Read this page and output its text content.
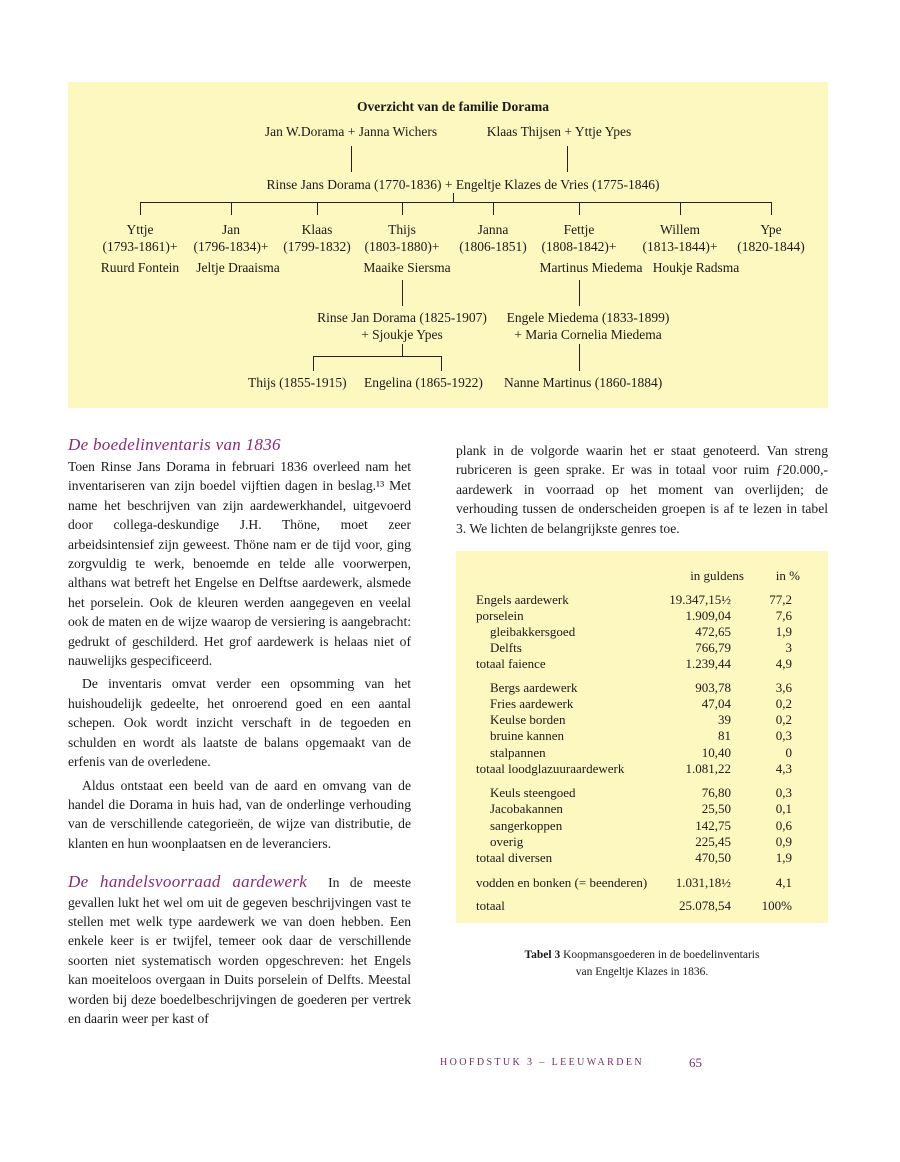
Overzicht van de familie Dorama
Jan W.Dorama + Janna Wichers	Klaas Thijsen + Yttje Ypes
Rinse Jans Dorama (1770-1836) + Engeltje Klazes de Vries (1775-1846)
Yttje	Jan	Klaas	Thijs	Janna	Fettje	Willem	Ype
(1793-1861)+ (1796-1834)+ (1799-1832) (1803-1880)+ (1806-1851) (1808-1842)+ (1813-1844)+ (1820-1844)
Ruurd Fontein Jeltje Draaisma	Maaike Siersma	Martinus Miedema Houkje Radsma
Rinse Jan Dorama (1825-1907)
+ Sjoukje Ypes
Engele Miedema (1833-1899)
+ Maria Cornelia Miedema
Thijs (1855-1915) Engelina (1865-1922) Nanne Martinus (1860-1884)
De boedelinventaris van 1836

Toen Rinse Jans Dorama in februari 1836 overleed nam het inventariseren van zijn boedel vijftien dagen in beslag.¹³ Met name het beschrijven van zijn aardewerkhandel, uitgevoerd door collega-deskundige J.H. Thöne, moet zeer arbeidsintensief zijn geweest. Thöne nam er de tijd voor, ging zorgvuldig te werk, benoemde en telde alle voorwerpen, althans wat betreft het Engelse en Delftse aardewerk, alsmede het porselein. Ook de kleuren werden aangegeven en veelal ook de maten en de wijze waarop de versiering is aangebracht: gedrukt of geschilderd. Het grof aardewerk is helaas niet of nauwelijks gespecificeerd.

De inventaris omvat verder een opsomming van het huishoudelijk gedeelte, het onroerend goed en een aantal schepen. Ook wordt inzicht verschaft in de tegoeden en schulden en wordt als laatste de balans opgemaakt van de erfenis van de overledene.

Aldus ontstaat een beeld van de aard en omvang van de handel die Dorama in huis had, van de onderlinge verhouding van de verschillende categorieën, de wijze van distributie, de klanten en hun woonplaatsen en de leveranciers.

De handelsvoorraad aardewerk In de meeste gevallen lukt het wel om uit de gegeven beschrijvingen vast te stellen met welk type aardewerk we van doen hebben. Een enkele keer is er twijfel, temeer ook daar de verschillende soorten niet systematisch worden opgeschreven: het Engels kan moeiteloos overgaan in Duits porselein of Delfts. Meestal worden bij deze boedelbeschrijvingen de goederen per vertrek en daarin weer per kast of

plank in de volgorde waarin het er staat genoteerd. Van streng rubriceren is geen sprake. Er was in totaal voor ruim ƒ20.000,- aardewerk in voorraad op het moment van overlijden; de verhouding tussen de onderscheiden groepen is af te lezen in tabel 3. We lichten de belangrijkste genres toe.

in guldens in %
Engels aardewerk	19.347,15½	77,2
porselein	1.909,04	7,6
gleibakkersgoed	472,65	1,9
Delfts	766,79	3
totaal faience	1.239,44	4,9
Bergs aardewerk	903,78	3,6
Fries aardewerk	47,04	0,2
Keulse borden	39	0,2
bruine kannen	81	0,3
stalpannen	10,40	0
totaal loodglazuuraardewerk	1.081,22	4,3
Keuls steengoed	76,80	0,3
Jacobakannen	25,50	0,1
sangerkoppen	142,75	0,6
overig	225,45	0,9
totaal diversen	470,50	1,9
vodden en bonken (= beenderen) 1.031,18½	4,1
totaal	25.078,54 100%
Tabel 3 Koopmansgoederen in de boedelinventaris
van Engeltje Klazes in 1836.
HOOFDSTUK 3 – LEEUWARDEN	65
